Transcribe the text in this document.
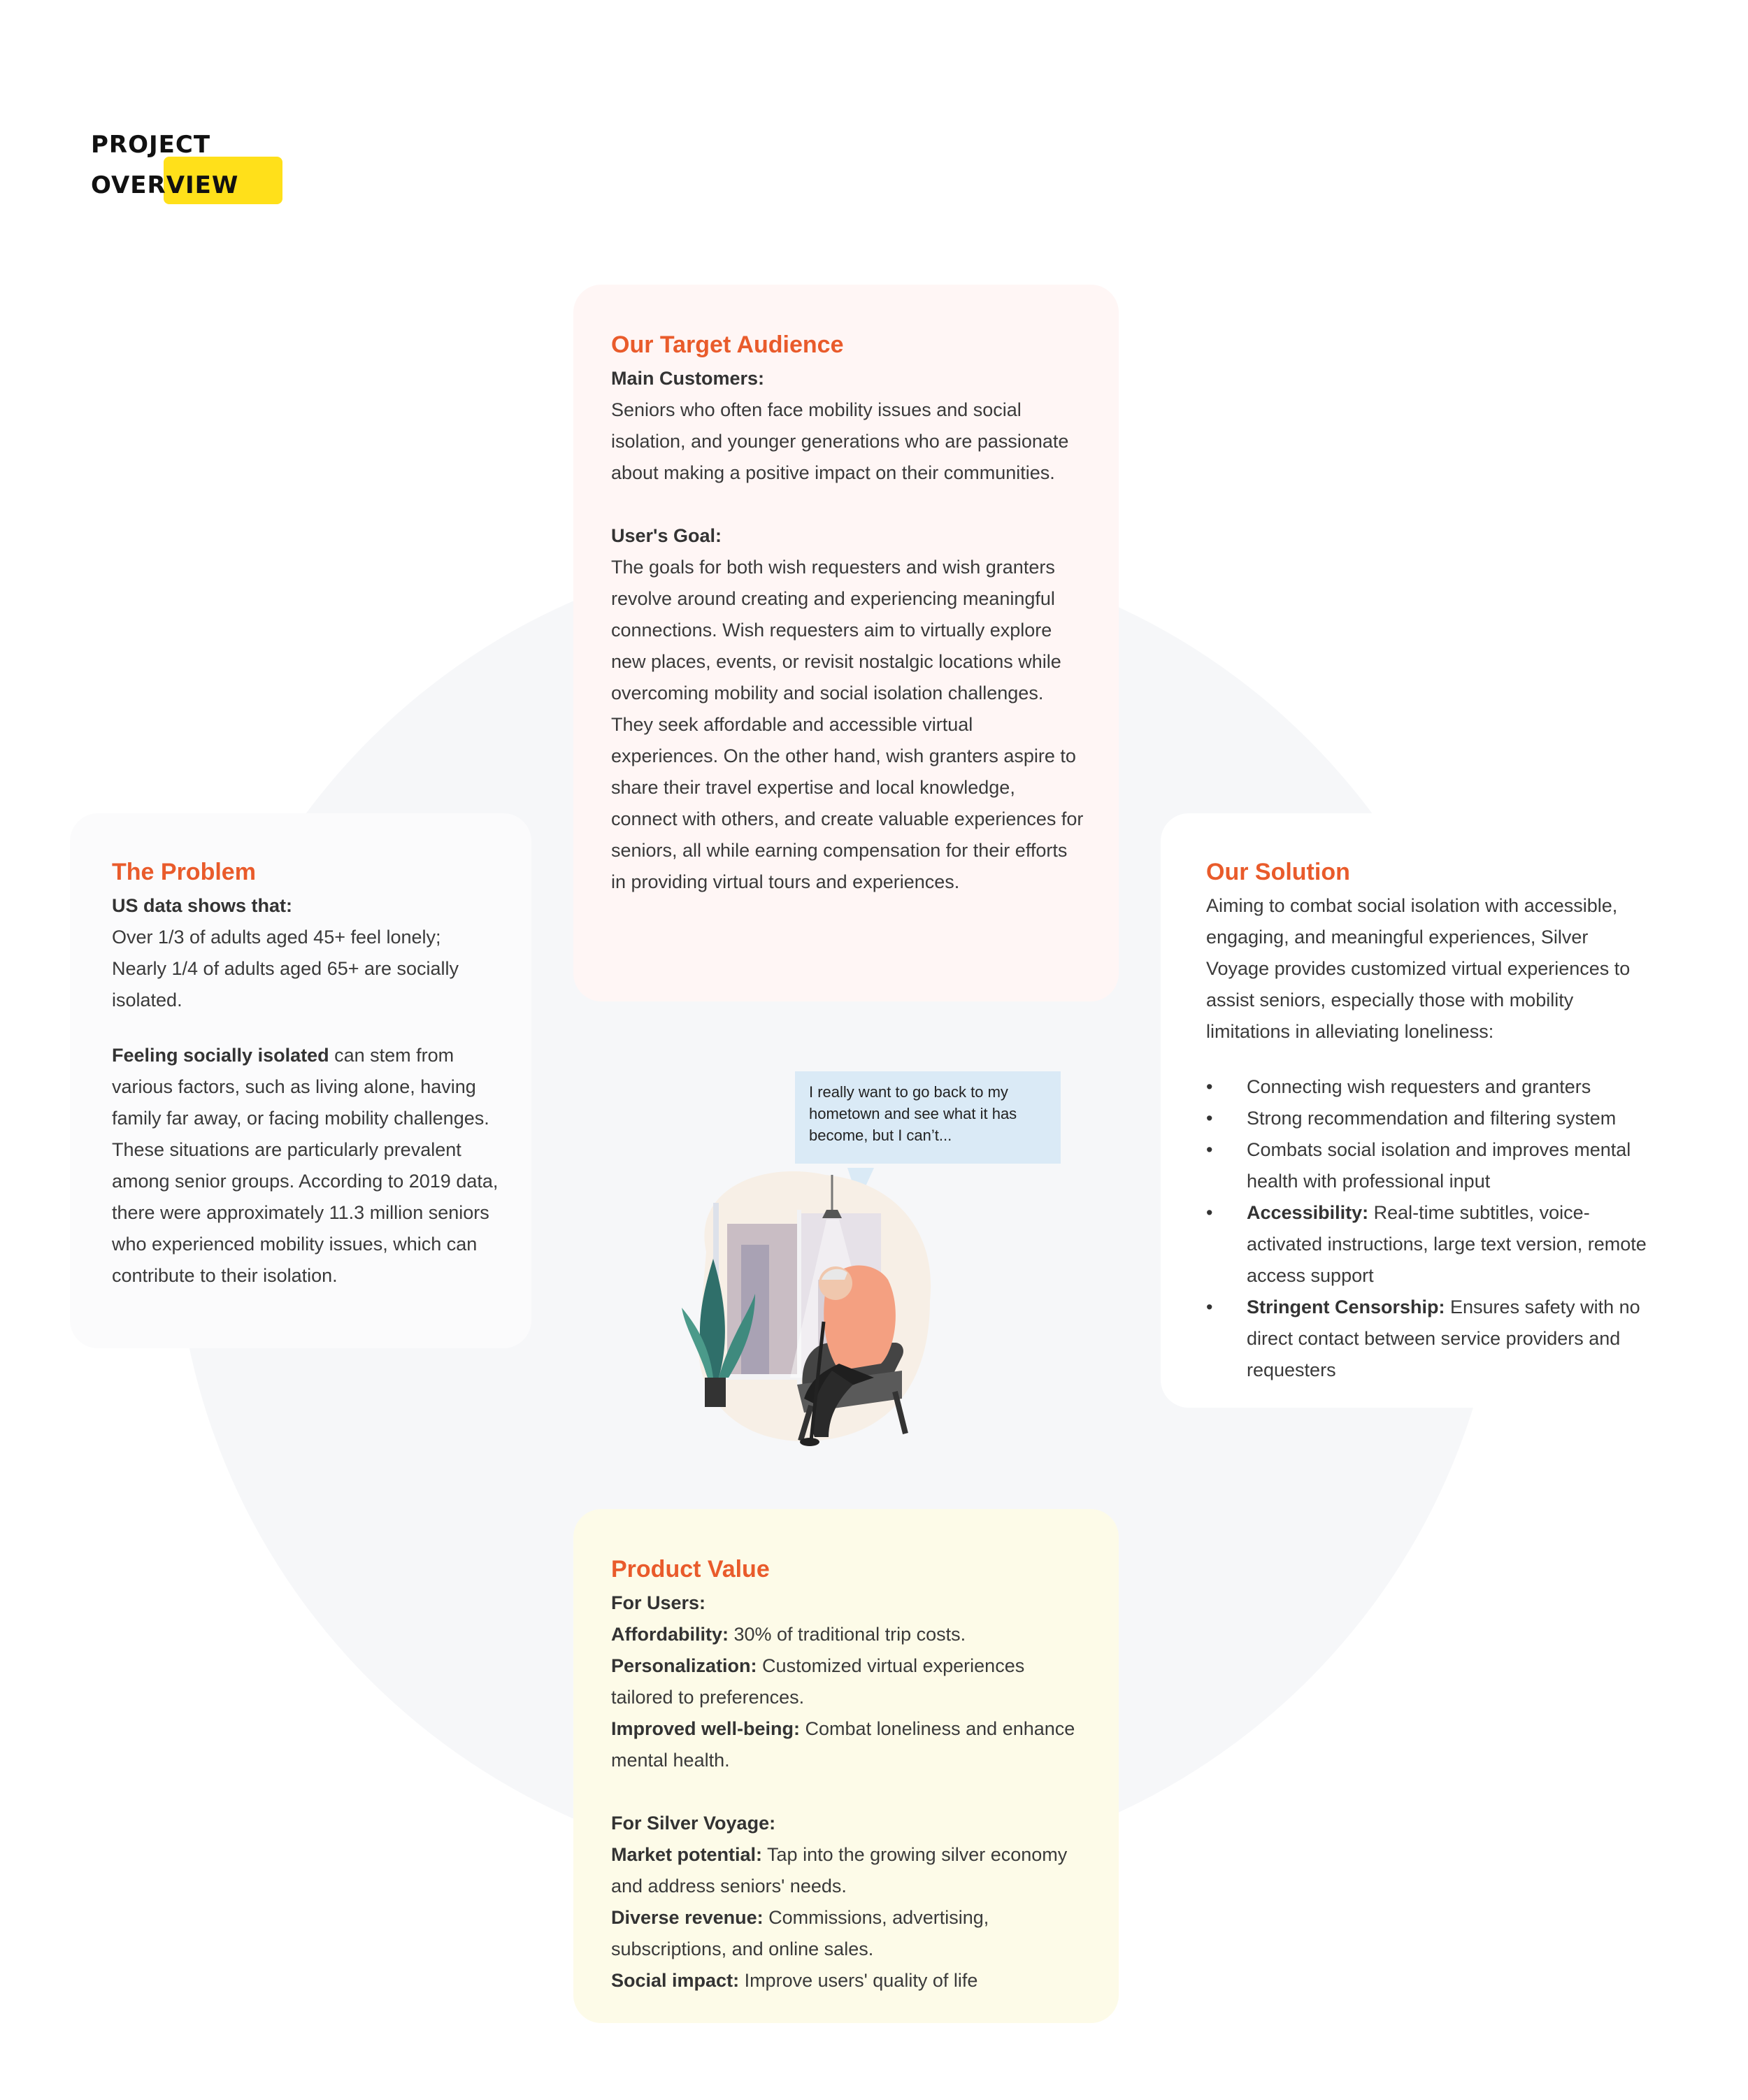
PROJECT
OVERVIEW

Our Target Audience

Main Customers:

Seniors who often face mobility issues and social isolation, and younger generations who are passionate about making a positive impact on their communities.

User's Goal:

The goals for both wish requesters and wish granters revolve around creating and experiencing meaningful connections. Wish requesters aim to virtually explore new places, events, or revisit nostalgic locations while overcoming mobility and social isolation challenges. They seek affordable and accessible virtual experiences. On the other hand, wish granters aspire to share their travel expertise and local knowledge, connect with others, and create valuable experiences for seniors, all while earning compensation for their efforts in providing virtual tours and experiences.

The Problem

US data shows that:

Over 1/3 of adults aged 45+ feel lonely;

Nearly 1/4 of adults aged 65+ are socially isolated.

Feeling socially isolated can stem from various factors, such as living alone, having family far away, or facing mobility challenges. These situations are particularly prevalent among senior groups. According to 2019 data, there were approximately 11.3 million seniors who experienced mobility issues, which can contribute to their isolation.

Our Solution

Aiming to combat social isolation with accessible, engaging, and meaningful experiences, Silver Voyage provides customized virtual experiences to assist seniors, especially those with mobility limitations in alleviating loneliness:

• Connecting wish requesters and granters
• Strong recommendation and filtering system
• Combats social isolation and improves mental health with professional input
• Accessibility: Real-time subtitles, voice-activated instructions, large text version, remote access support
• Stringent Censorship: Ensures safety with no direct contact between service providers and requesters
I really want to go back to my hometown and see what it has become, but I can’t...

Product Value

For Users:

Affordability: 30% of traditional trip costs.

Personalization: Customized virtual experiences tailored to preferences.

Improved well-being: Combat loneliness and enhance mental health.

For Silver Voyage:

Market potential: Tap into the growing silver economy and address seniors' needs.

Diverse revenue: Commissions, advertising, subscriptions, and online sales.

Social impact: Improve users' quality of life
